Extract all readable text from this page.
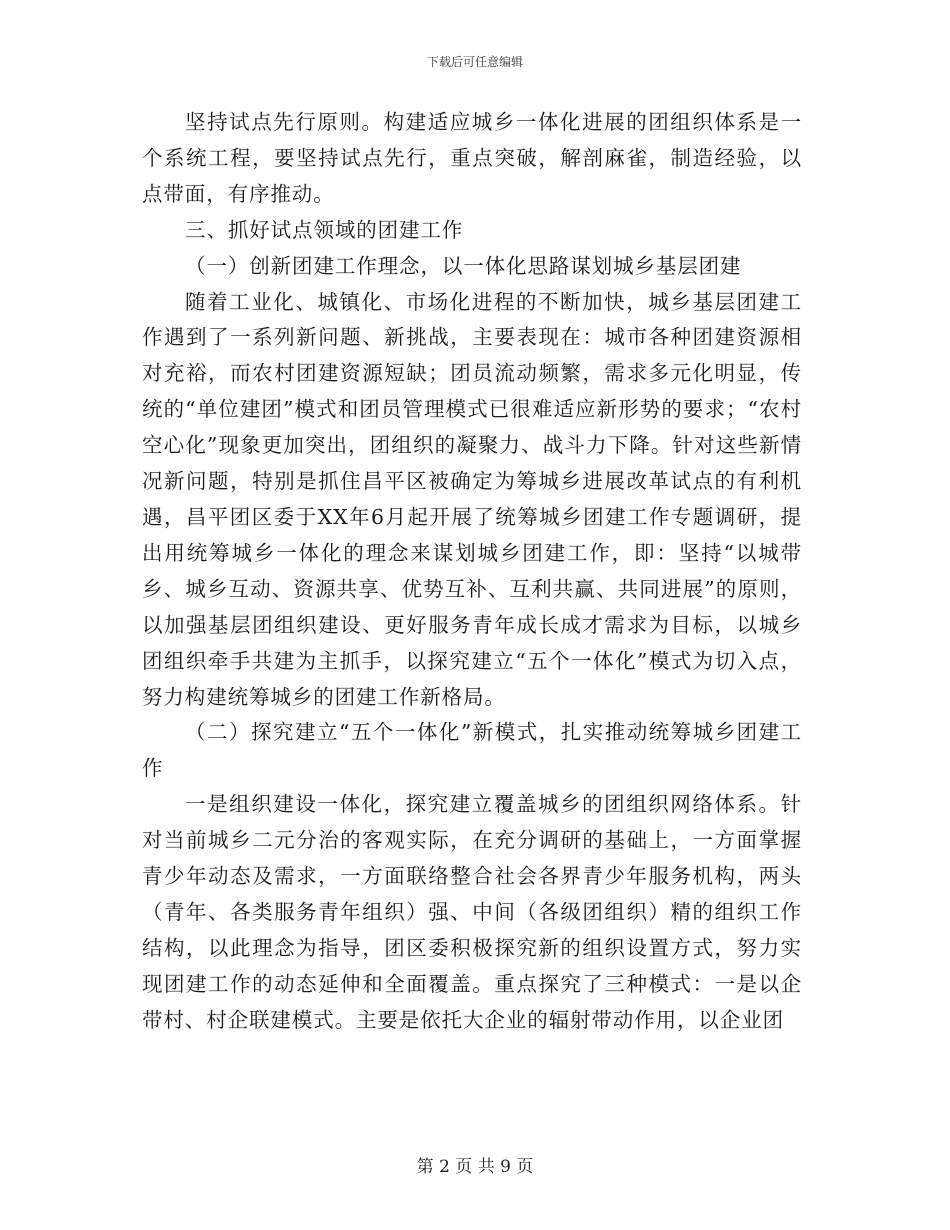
下载后可任意编辑

坚持试点先行原则。构建适应城乡一体化进展的团组织体系是一个系统工程，要坚持试点先行，重点突破，解剖麻雀，制造经验，以点带面，有序推动。

三、抓好试点领域的团建工作

（一）创新团建工作理念，以一体化思路谋划城乡基层团建

随着工业化、城镇化、市场化进程的不断加快，城乡基层团建工作遇到了一系列新问题、新挑战，主要表现在：城市各种团建资源相对充裕，而农村团建资源短缺；团员流动频繁，需求多元化明显，传统的“单位建团”模式和团员管理模式已很难适应新形势的要求；“农村空心化”现象更加突出，团组织的凝聚力、战斗力下降。针对这些新情况新问题，特别是抓住昌平区被确定为筹城乡进展改革试点的有利机遇，昌平团区委于XX年6月起开展了统筹城乡团建工作专题调研，提出用统筹城乡一体化的理念来谋划城乡团建工作，即：坚持“以城带乡、城乡互动、资源共享、优势互补、互利共赢、共同进展”的原则，以加强基层团组织建设、更好服务青年成长成才需求为目标，以城乡团组织牵手共建为主抓手，以探究建立“五个一体化”模式为切入点，努力构建统筹城乡的团建工作新格局。

（二）探究建立“五个一体化”新模式，扎实推动统筹城乡团建工作

一是组织建设一体化，探究建立覆盖城乡的团组织网络体系。针对当前城乡二元分治的客观实际，在充分调研的基础上，一方面掌握青少年动态及需求，一方面联络整合社会各界青少年服务机构，两头（青年、各类服务青年组织）强、中间（各级团组织）精的组织工作结构，以此理念为指导，团区委积极探究新的组织设置方式，努力实现团建工作的动态延伸和全面覆盖。重点探究了三种模式：一是以企带村、村企联建模式。主要是依托大企业的辐射带动作用，以企业团

第 2 页 共 9 页
